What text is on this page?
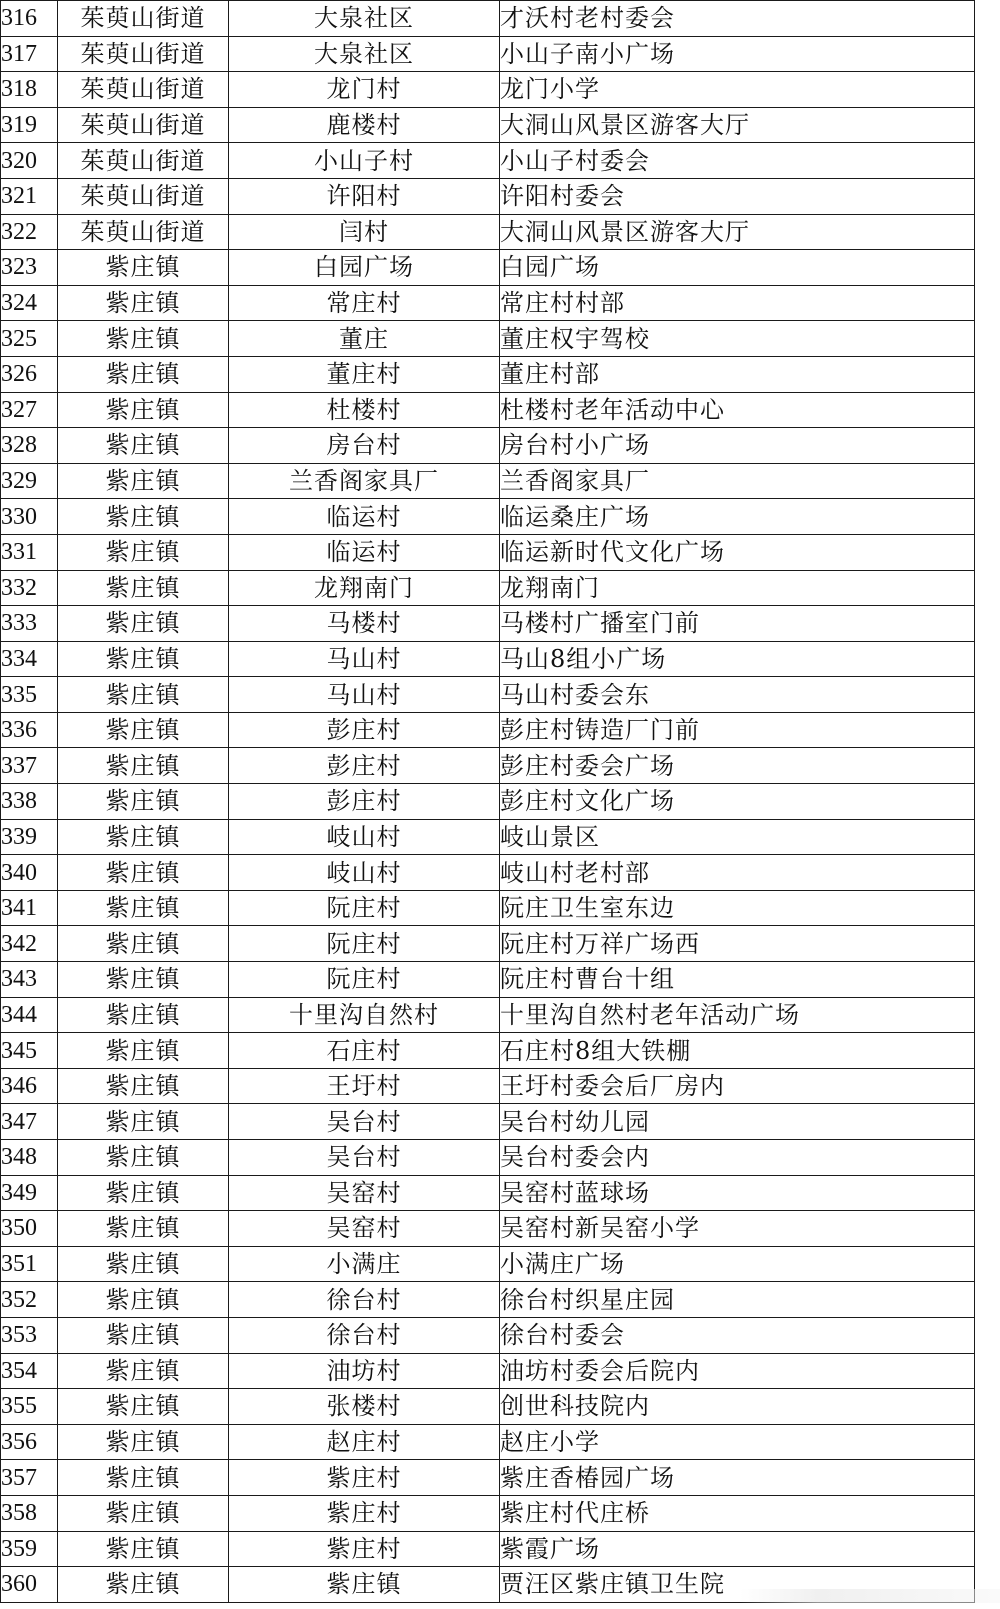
316	茱萸山街道	大泉社区	才沃村老村委会
317	茱萸山街道	大泉社区	小山子南小广场
318	茱萸山街道	龙门村	龙门小学
319	茱萸山街道	鹿楼村	大洞山风景区游客大厅
320	茱萸山街道	小山子村	小山子村委会
321	茱萸山街道	许阳村	许阳村委会
322	茱萸山街道	闫村	大洞山风景区游客大厅
323	紫庄镇	白园广场	白园广场
324	紫庄镇	常庄村	常庄村村部
325	紫庄镇	董庄	董庄权宇驾校
326	紫庄镇	董庄村	董庄村部
327	紫庄镇	杜楼村	杜楼村老年活动中心
328	紫庄镇	房台村	房台村小广场
329	紫庄镇	兰香阁家具厂	兰香阁家具厂
330	紫庄镇	临运村	临运桑庄广场
331	紫庄镇	临运村	临运新时代文化广场
332	紫庄镇	龙翔南门	龙翔南门
333	紫庄镇	马楼村	马楼村广播室门前
334	紫庄镇	马山村	马山8组小广场
335	紫庄镇	马山村	马山村委会东
336	紫庄镇	彭庄村	彭庄村铸造厂门前
337	紫庄镇	彭庄村	彭庄村委会广场
338	紫庄镇	彭庄村	彭庄村文化广场
339	紫庄镇	岐山村	岐山景区
340	紫庄镇	岐山村	岐山村老村部
341	紫庄镇	阮庄村	阮庄卫生室东边
342	紫庄镇	阮庄村	阮庄村万祥广场西
343	紫庄镇	阮庄村	阮庄村曹台十组
344	紫庄镇	十里沟自然村	十里沟自然村老年活动广场
345	紫庄镇	石庄村	石庄村8组大铁棚
346	紫庄镇	王圩村	王圩村委会后厂房内
347	紫庄镇	吴台村	吴台村幼儿园
348	紫庄镇	吴台村	吴台村委会内
349	紫庄镇	吴窑村	吴窑村蓝球场
350	紫庄镇	吴窑村	吴窑村新吴窑小学
351	紫庄镇	小满庄	小满庄广场
352	紫庄镇	徐台村	徐台村织星庄园
353	紫庄镇	徐台村	徐台村委会
354	紫庄镇	油坊村	油坊村委会后院内
355	紫庄镇	张楼村	创世科技院内
356	紫庄镇	赵庄村	赵庄小学
357	紫庄镇	紫庄村	紫庄香椿园广场
358	紫庄镇	紫庄村	紫庄村代庄桥
359	紫庄镇	紫庄村	紫霞广场
360	紫庄镇	紫庄镇	贾汪区紫庄镇卫生院
